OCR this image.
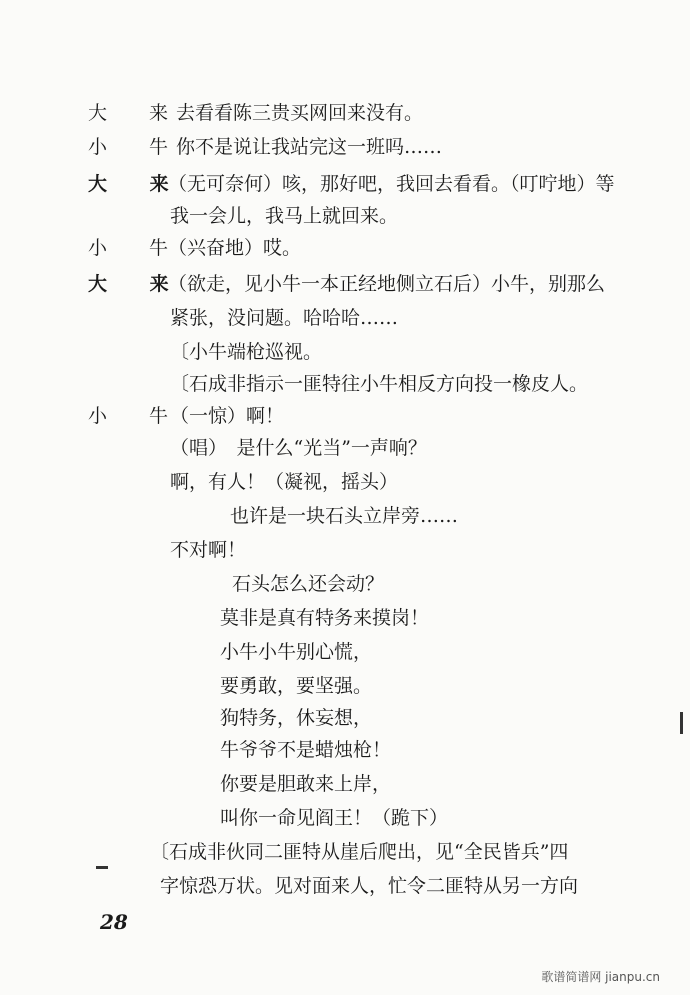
大 来
去看看陈三贵买网回来没有。
小 牛
你不是说让我站完这一班吗……
大 来
（无可奈何）咳，那好吧，我回去看看。（叮咛地）等
我一会儿，我马上就回来。
小 牛
（兴奋地）哎。
大 来
（欲走，见小牛一本正经地侧立石后）小牛，别那么
紧张，没问题。哈哈哈……
〔小牛端枪巡视。
〔石成非指示一匪特往小牛相反方向投一橡皮人。
小 牛
（一惊）啊！
（唱）　是什么“光当”一声响？
啊，有人！（凝视，摇头）
也许是一块石头立岸旁……
不对啊！
石头怎么还会动？
莫非是真有特务来摸岗！
小牛小牛别心慌，
要勇敢，要坚强。
狗特务，休妄想，
牛爷爷不是蜡烛枪！
你要是胆敢来上岸，
叫你一命见阎王！（跪下）
〔石成非伙同二匪特从崖后爬出，见“全民皆兵”四
字惊恐万状。见对面来人，忙令二匪特从另一方向
28
歌谱简谱网 jianpu.cn
